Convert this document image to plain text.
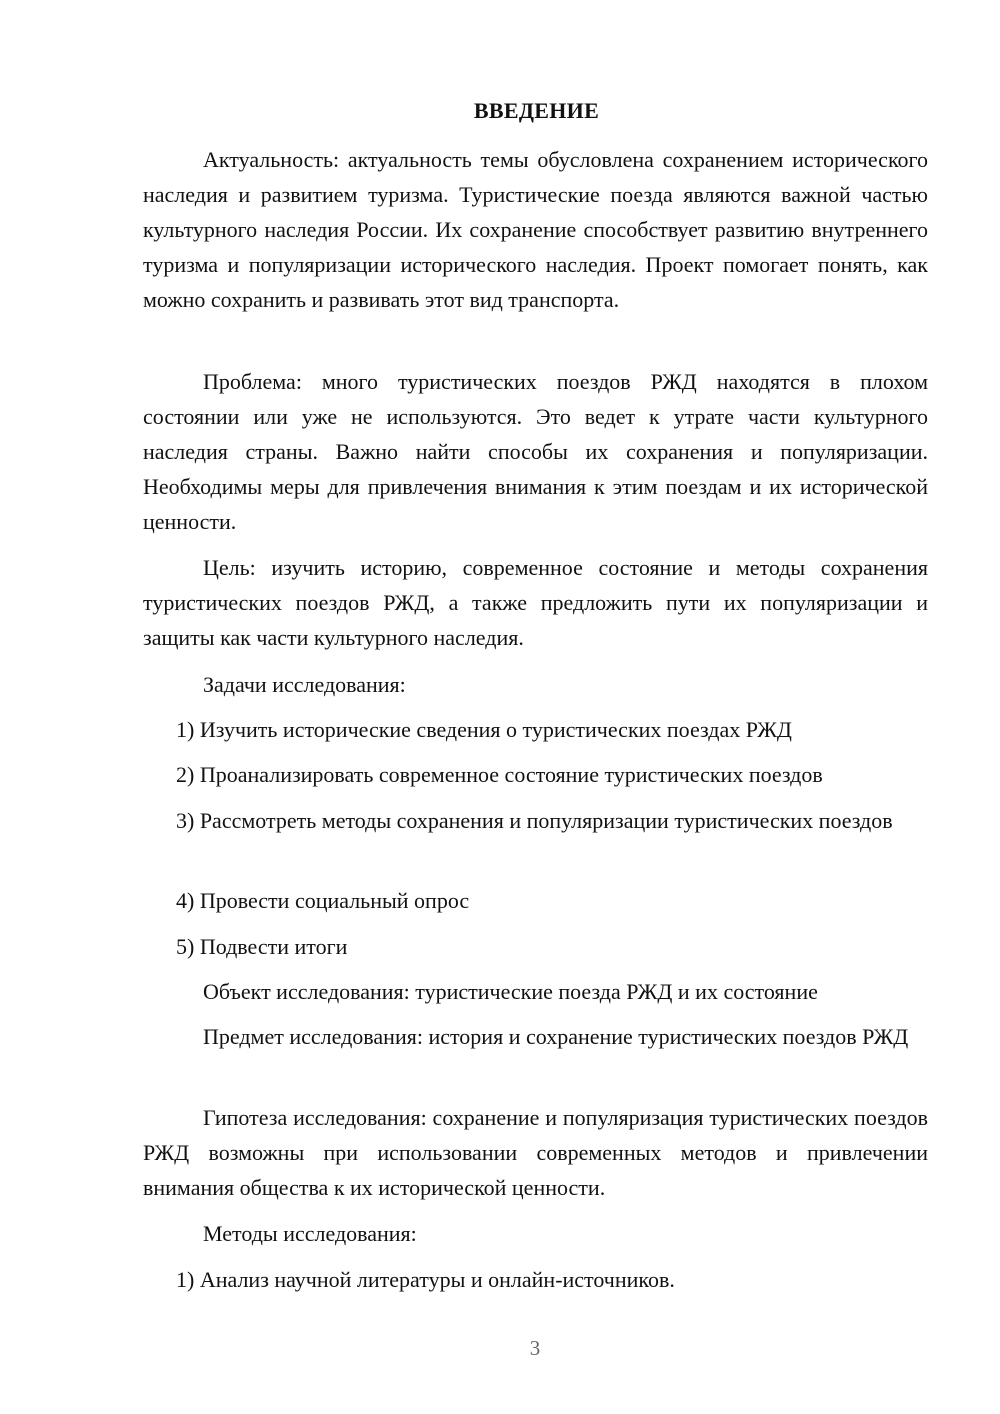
ВВЕДЕНИЕ
Актуальность: актуальность темы обусловлена сохранением исторического наследия и развитием туризма. Туристические поезда являются важной частью культурного наследия России. Их сохранение способствует развитию внутреннего туризма и популяризации исторического наследия. Проект помогает понять, как можно сохранить и развивать этот вид транспорта.
Проблема: много туристических поездов РЖД находятся в плохом состоянии или уже не используются. Это ведет к утрате части культурного наследия страны. Важно найти способы их сохранения и популяризации. Необходимы меры для привлечения внимания к этим поездам и их исторической ценности.
Цель: изучить историю, современное состояние и методы сохранения туристических поездов РЖД, а также предложить пути их популяризации и защиты как части культурного наследия.
Задачи исследования:
1) Изучить исторические сведения о туристических поездах РЖД
2) Проанализировать современное состояние туристических поездов
3) Рассмотреть методы сохранения и популяризации туристических поездов
4) Провести социальный опрос
5) Подвести итоги
Объект исследования: туристические поезда РЖД и их состояние
Предмет исследования: история и сохранение туристических поездов РЖД
Гипотеза исследования: сохранение и популяризация туристических поездов РЖД возможны при использовании современных методов и привлечении внимания общества к их исторической ценности.
Методы исследования:
1) Анализ научной литературы и онлайн-источников.
3
